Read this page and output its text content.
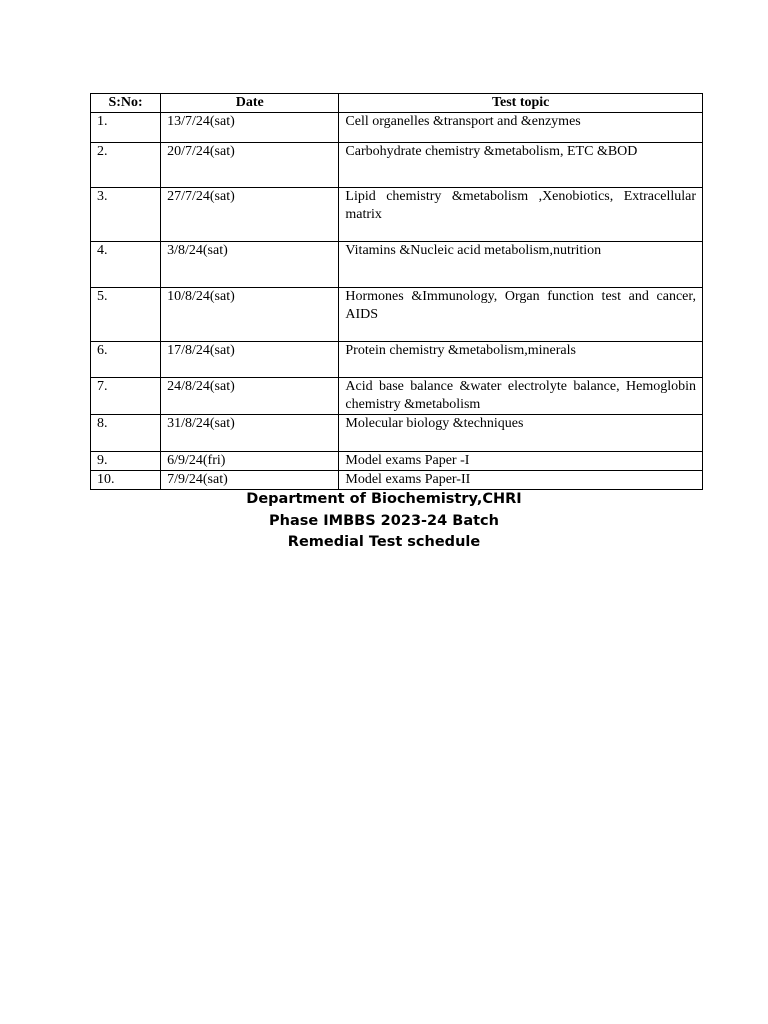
S:No:	Date	Test topic
1.	13/7/24(sat)	Cell organelles &transport and &enzymes
2.	20/7/24(sat)	Carbohydrate chemistry &metabolism, ETC &BOD
3.	27/7/24(sat)	Lipid chemistry &metabolism ,Xenobiotics, Extracellular matrix
4.	3/8/24(sat)	Vitamins &Nucleic acid metabolism,nutrition
5.	10/8/24(sat)	Hormones &Immunology, Organ function test and cancer, AIDS
6.	17/8/24(sat)	Protein chemistry &metabolism,minerals
7.	24/8/24(sat)	Acid base balance &water electrolyte balance, Hemoglobin chemistry &metabolism
8.	31/8/24(sat)	Molecular biology &techniques
9.	6/9/24(fri)	Model exams Paper -I
10.	7/9/24(sat)	Model exams Paper-II
Department of Biochemistry,CHRI
Phase IMBBS 2023-24 Batch
Remedial Test schedule
